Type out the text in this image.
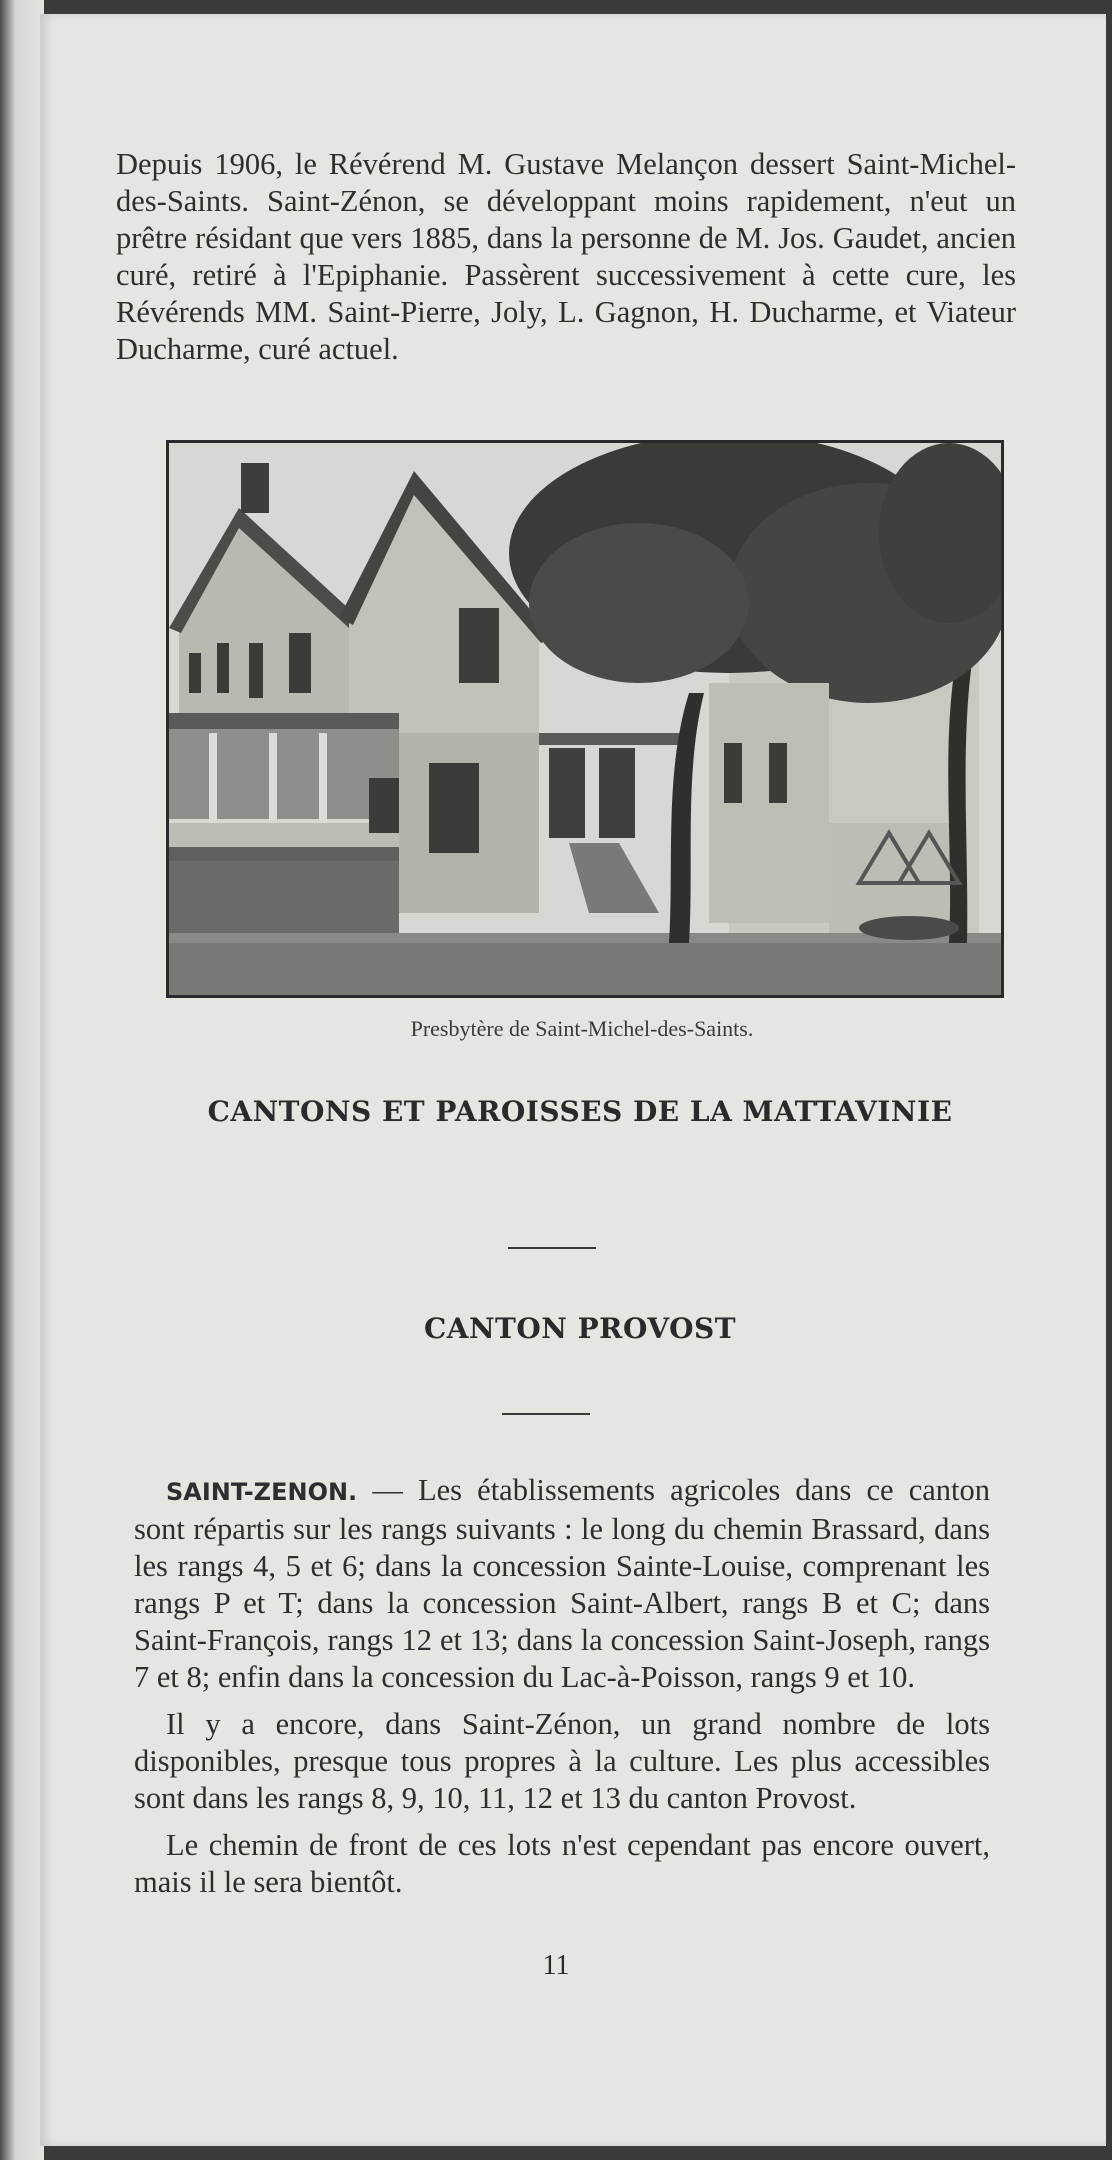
Depuis 1906, le Révérend M. Gustave Melançon dessert Saint-Michel-des-Saints. Saint-Zénon, se développant moins rapidement, n'eut un prêtre résidant que vers 1885, dans la personne de M. Jos. Gaudet, ancien curé, retiré à l'Epiphanie. Passèrent successivement à cette cure, les Révérends MM. Saint-Pierre, Joly, L. Gagnon, H. Ducharme, et Viateur Ducharme, curé actuel.

Presbytère de Saint-Michel-des-Saints.
CANTONS ET PAROISSES DE LA MATTAVINIE
CANTON PROVOST

SAINT-ZENON. — Les établissements agricoles dans ce canton sont répartis sur les rangs suivants : le long du chemin Brassard, dans les rangs 4, 5 et 6; dans la concession Sainte-Louise, comprenant les rangs P et T; dans la concession Saint-Albert, rangs B et C; dans Saint-François, rangs 12 et 13; dans la concession Saint-Joseph, rangs 7 et 8; enfin dans la concession du Lac-à-Poisson, rangs 9 et 10.

Il y a encore, dans Saint-Zénon, un grand nombre de lots disponibles, presque tous propres à la culture. Les plus accessibles sont dans les rangs 8, 9, 10, 11, 12 et 13 du canton Provost.

Le chemin de front de ces lots n'est cependant pas encore ouvert, mais il le sera bientôt.

11
